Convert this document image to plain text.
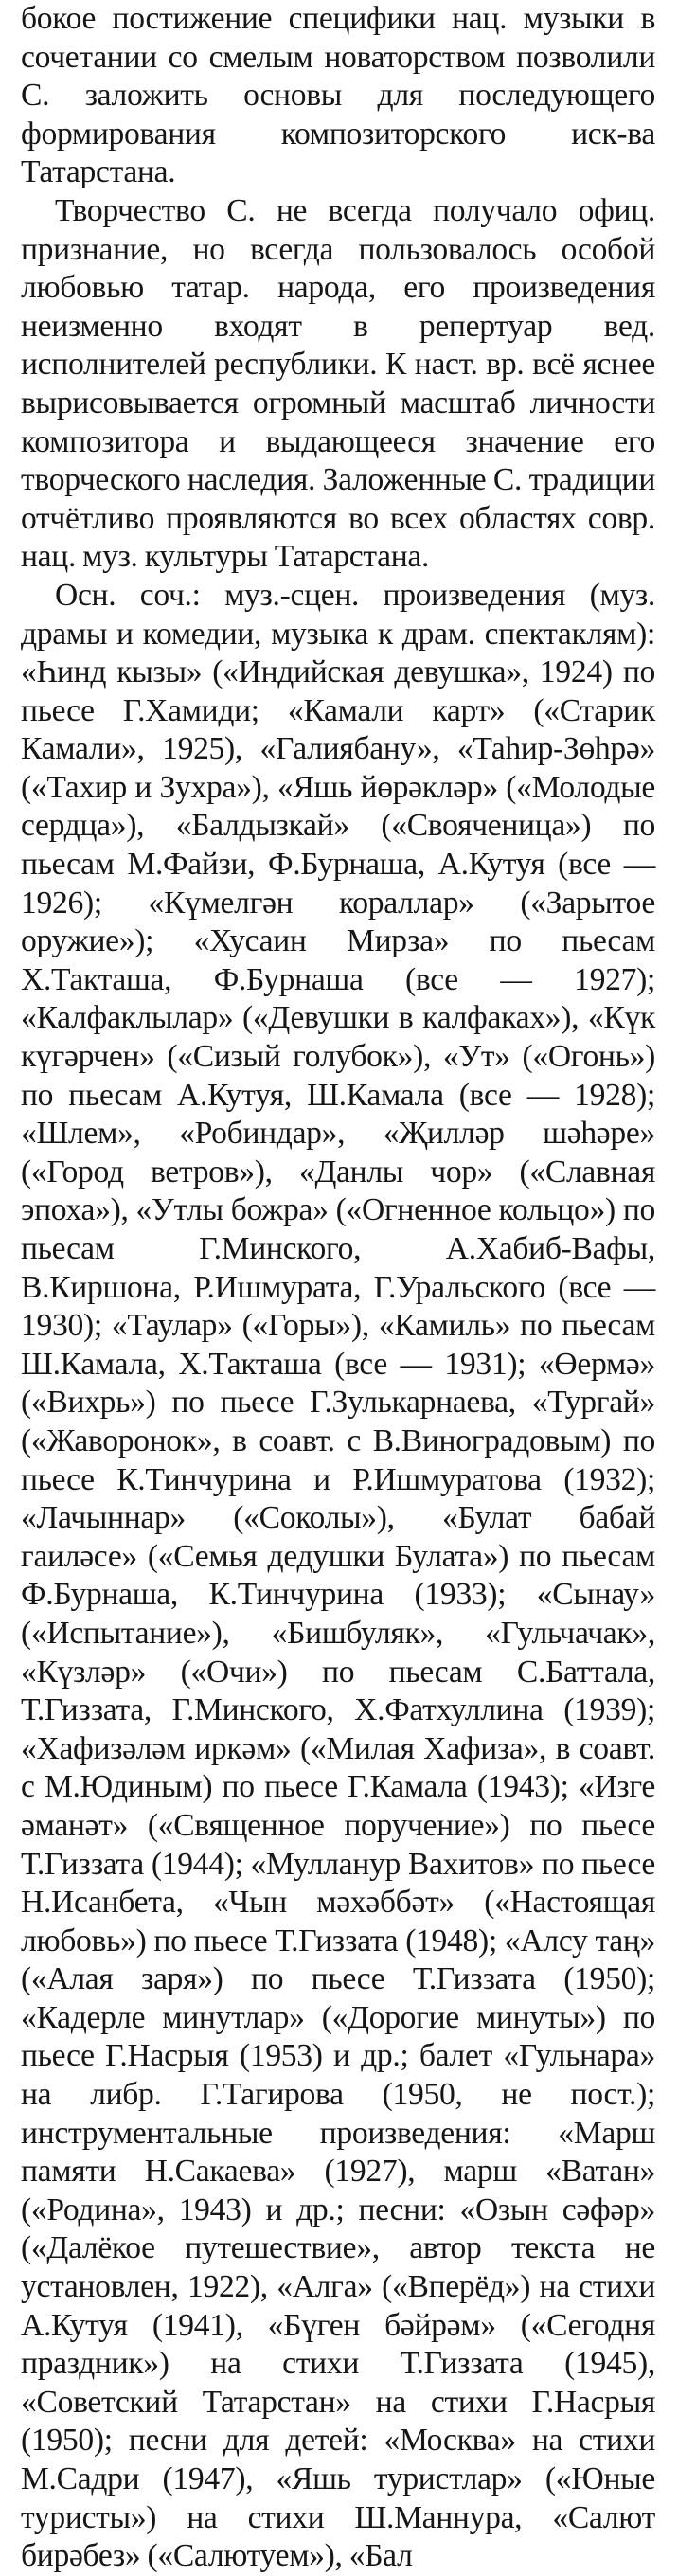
бокое постижение специфики нац. музыки в сочетании со смелым новаторством позволили С. заложить основы для последующего формирования композиторского иск-ва Татарстана.

Творчество С. не всегда получало офиц. признание, но всегда пользовалось особой любовью татар. народа, его произведения неизменно входят в репертуар вед. исполнителей республики. К наст. вр. всё яснее вырисовывается огромный масштаб личности композитора и выдающееся значение его творческого наследия. Заложенные С. традиции отчётливо проявляются во всех областях совр. нац. муз. культуры Татарстана.

Осн. соч.: муз.-сцен. произведения (муз. драмы и комедии, музыка к драм. спектаклям): «Һинд кызы» («Индийская девушка», 1924) по пьесе Г.Хамиди; «Камали карт» («Старик Камали», 1925), «Галиябану», «Таһир-Зөһрә» («Тахир и Зухра»), «Яшь йөрәкләр» («Молодые сердца»), «Балдызкай» («Свояченица») по пьесам М.Файзи, Ф.Бурнаша, А.Кутуя (все — 1926); «Күмелгән кораллар» («Зарытое оружие»); «Хусаин Мирза» по пьесам Х.Такташа, Ф.Бурнаша (все — 1927); «Калфаклылар» («Девушки в калфаках»), «Күк күгәрчен» («Сизый голубок»), «Ут» («Огонь») по пьесам А.Кутуя, Ш.Камала (все — 1928); «Шлем», «Робиндар», «Җилләр шәһәре» («Город ветров»), «Данлы чор» («Славная эпоха»), «Утлы божра» («Огненное кольцо») по пьесам Г.Минского, А.Хабиб-Вафы, В.Киршона, Р.Ишмурата, Г.Уральского (все — 1930); «Таулар» («Горы»), «Камиль» по пьесам Ш.Камала, Х.Такташа (все — 1931); «Өермә» («Вихрь») по пьесе Г.Зулькарнаева, «Тургай» («Жаворонок», в соавт. с В.Виноградовым) по пьесе К.Тинчурина и Р.Ишмуратова (1932); «Лачыннар» («Соколы»), «Булат бабай гаиләсе» («Семья дедушки Булата») по пьесам Ф.Бурнаша, К.Тинчурина (1933); «Сынау» («Испытание»), «Бишбуляк», «Гульчачак», «Күзләр» («Очи») по пьесам С.Баттала, Т.Гиззата, Г.Минского, Х.Фатхуллина (1939); «Хафизәләм иркәм» («Милая Хафиза», в соавт. с М.Юдиным) по пьесе Г.Камала (1943); «Изге әманәт» («Священное поручение») по пьесе Т.Гиззата (1944); «Мулланур Вахитов» по пьесе Н.Исанбета, «Чын мәхәббәт» («Настоящая любовь») по пьесе Т.Гиззата (1948); «Алсу таң» («Алая заря») по пьесе Т.Гиззата (1950); «Кадерле минутлар» («Дорогие минуты») по пьесе Г.Насрыя (1953) и др.; балет «Гульнара» на либр. Г.Тагирова (1950, не пост.); инструментальные произведения: «Марш памяти Н.Сакаева» (1927), марш «Ватан» («Родина», 1943) и др.; песни: «Озын сәфәр» («Далёкое путешествие», автор текста не установлен, 1922), «Алга» («Вперёд») на стихи А.Кутуя (1941), «Бүген бәйрәм» («Сегодня праздник») на стихи Т.Гиззата (1945), «Советский Татарстан» на стихи Г.Насрыя (1950); песни для детей: «Москва» на стихи М.Садри (1947), «Яшь туристлар» («Юные туристы») на стихи Ш.Маннура, «Салют бирәбез» («Салютуем»), «Бал
